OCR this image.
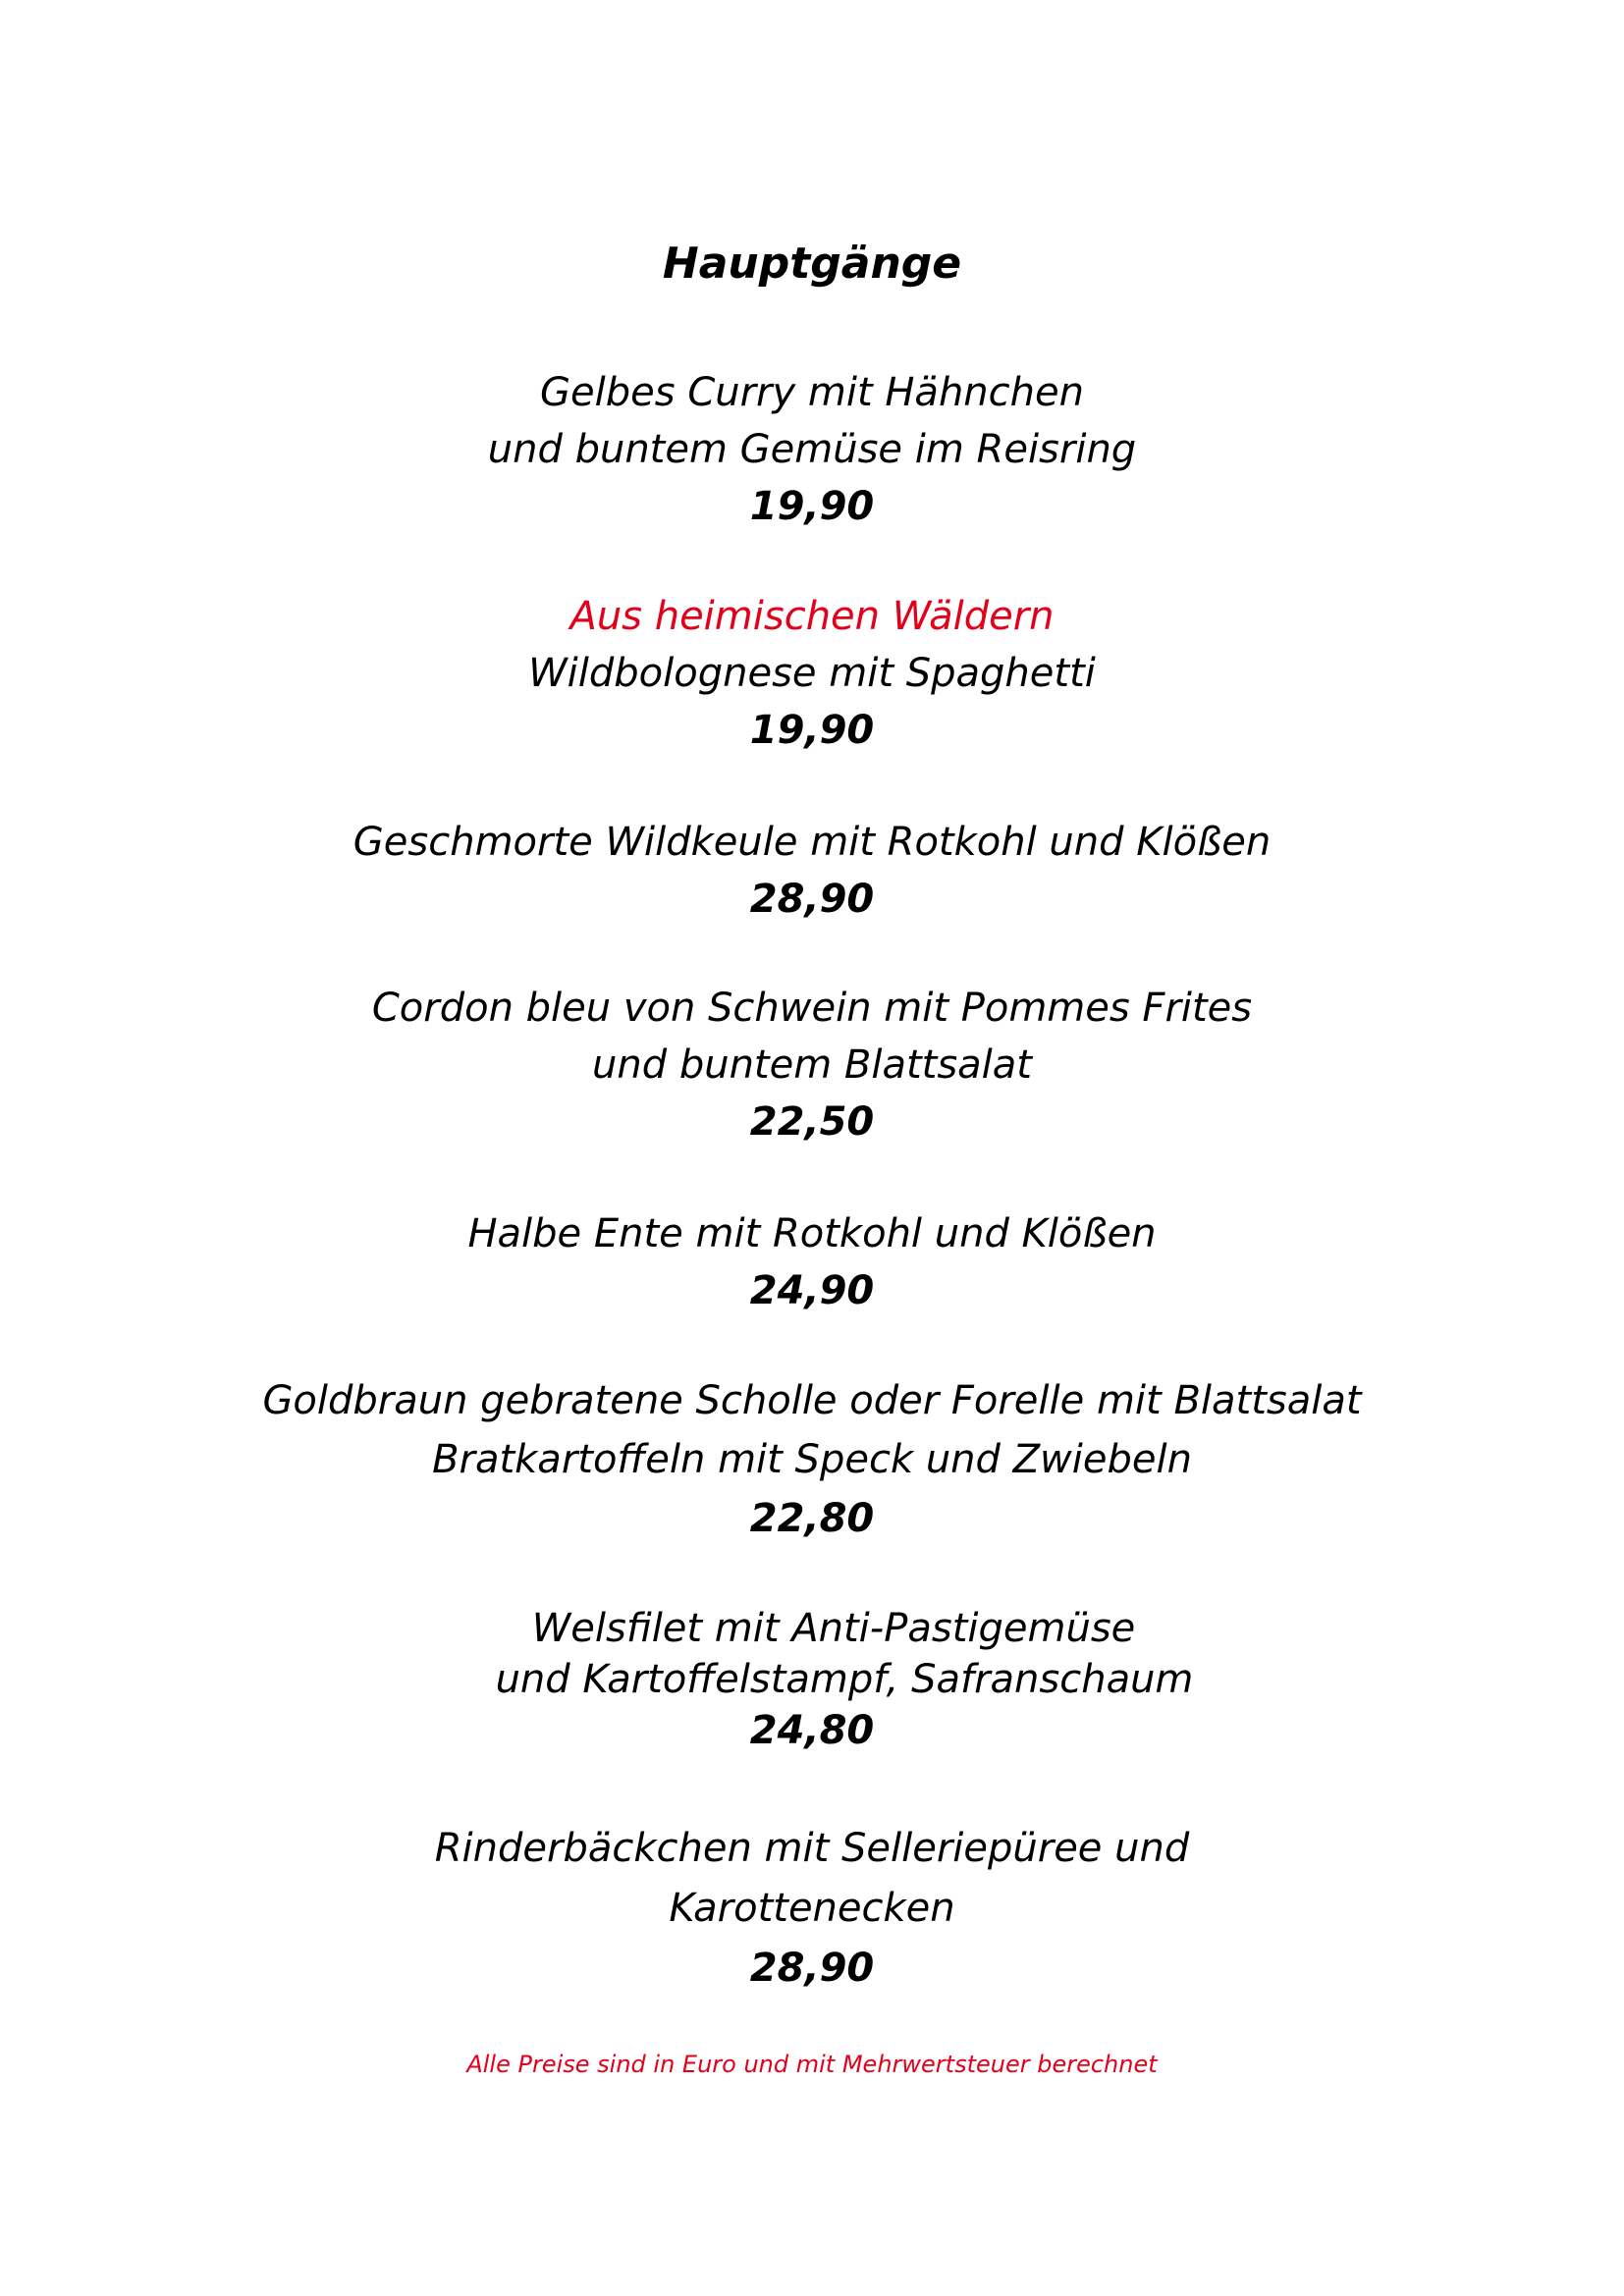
Hauptgänge
Gelbes Curry mit Hähnchen
und buntem Gemüse im Reisring
19,90
Aus heimischen Wäldern
Wildbolognese mit Spaghetti
19,90
Geschmorte Wildkeule mit Rotkohl und Klößen
28,90
Cordon bleu von Schwein mit Pommes Frites
und buntem Blattsalat
22,50
Halbe Ente mit Rotkohl und Klößen
24,90
Goldbraun gebratene Scholle oder Forelle mit Blattsalat
Bratkartoffeln mit Speck und Zwiebeln
22,80
Welsfilet mit Anti-Pastigemüse
und Kartoffelstampf, Safranschaum
24,80
Rinderbäckchen mit Selleriepüree und
Karottenecken
28,90
Alle Preise sind in Euro und mit Mehrwertsteuer berechnet
